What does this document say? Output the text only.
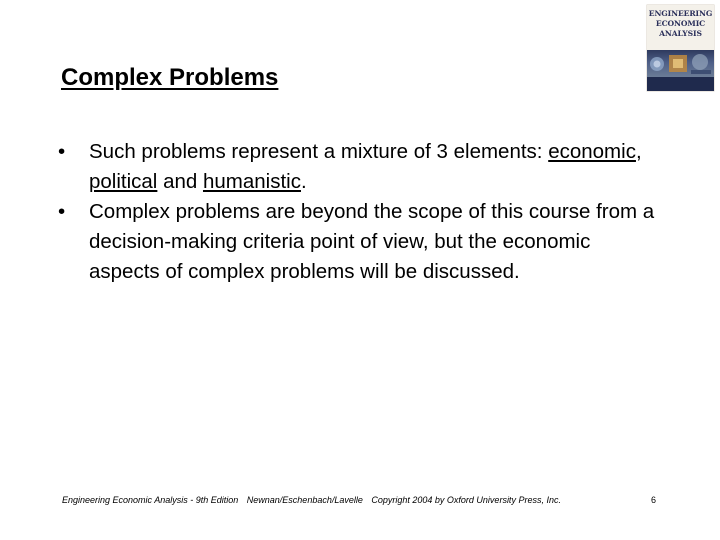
ENGINEERING
ECONOMIC
ANALYSIS
Complex Problems
• Such problems represent a mixture of 3 elements: economic, political and humanistic.
• Complex problems are beyond the scope of this course from a decision-making criteria point of view, but the economic aspects of complex problems will be discussed.
Engineering Economic Analysis - 9th Edition Newnan/Eschenbach/Lavelle Copyright 2004 by Oxford University Press, Inc.	6
